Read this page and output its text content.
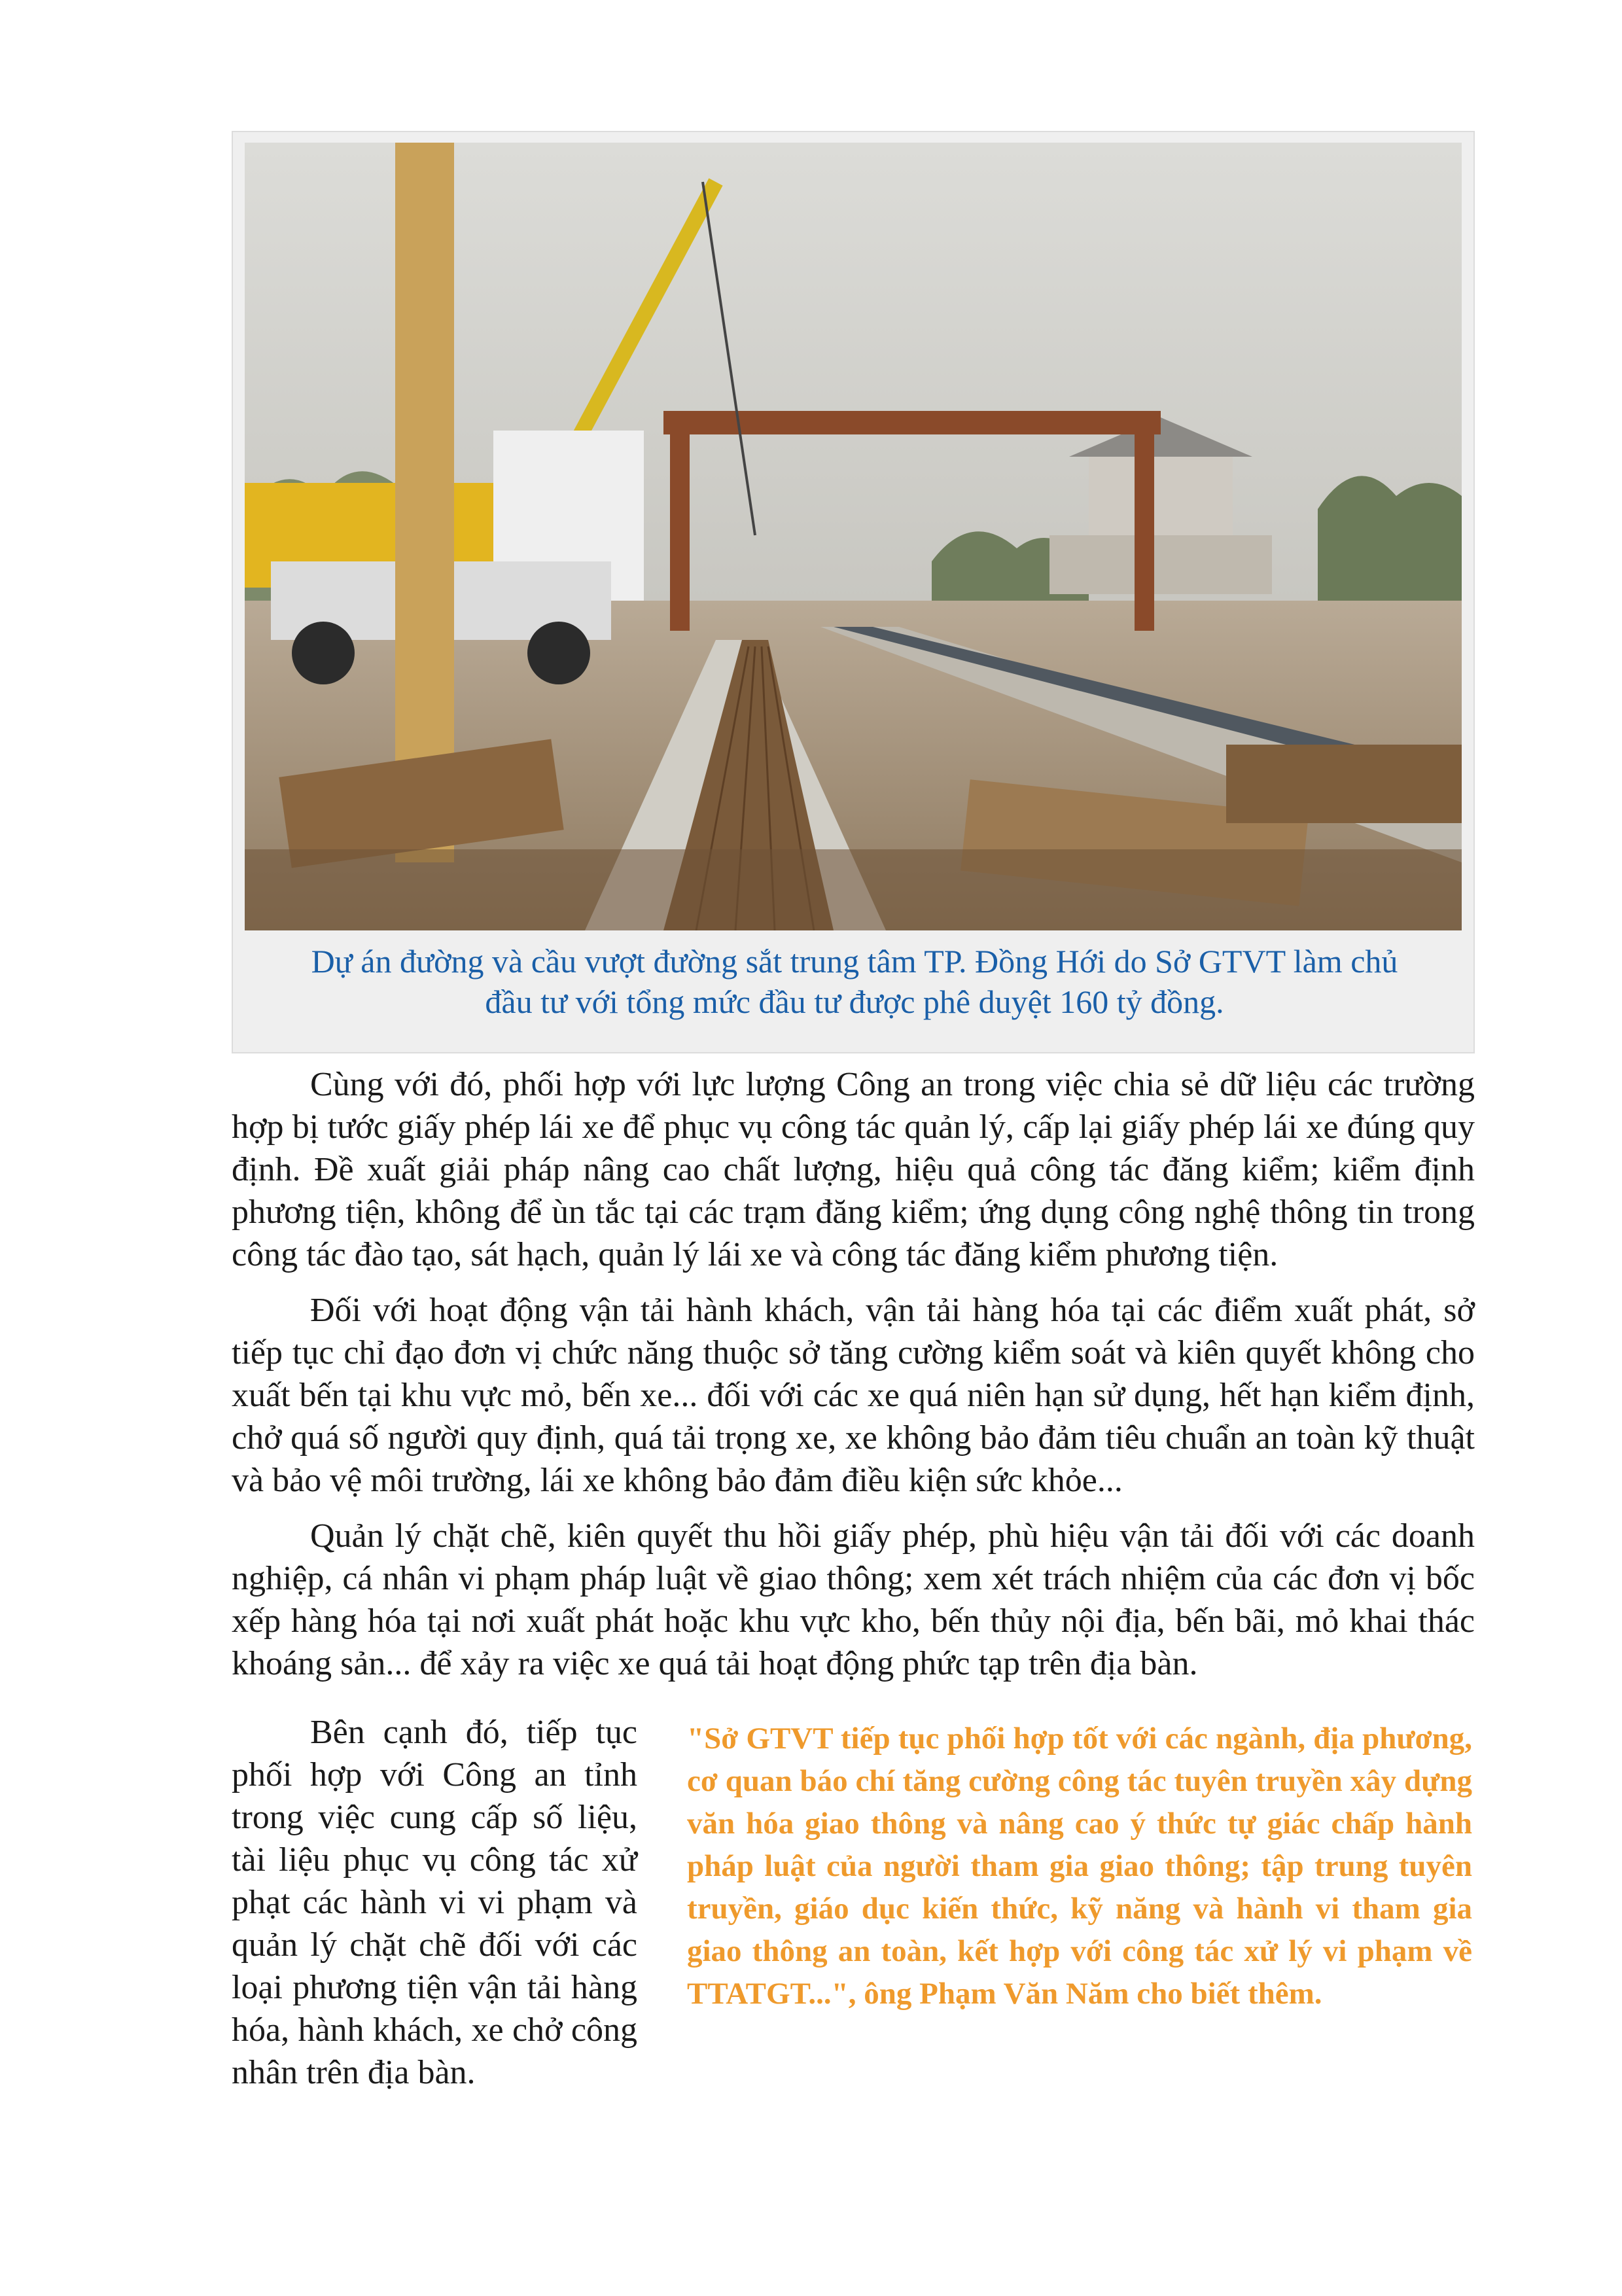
Dự án đường và cầu vượt đường sắt trung tâm TP. Đồng Hới do Sở GTVT làm chủ
đầu tư với tổng mức đầu tư được phê duyệt 160 tỷ đồng.

Cùng với đó, phối hợp với lực lượng Công an trong việc chia sẻ dữ liệu các trường hợp bị tước giấy phép lái xe để phục vụ công tác quản lý, cấp lại giấy phép lái xe đúng quy định. Đề xuất giải pháp nâng cao chất lượng, hiệu quả công tác đăng kiểm; kiểm định phương tiện, không để ùn tắc tại các trạm đăng kiểm; ứng dụng công nghệ thông tin trong công tác đào tạo, sát hạch, quản lý lái xe và công tác đăng kiểm phương tiện.

Đối với hoạt động vận tải hành khách, vận tải hàng hóa tại các điểm xuất phát, sở tiếp tục chỉ đạo đơn vị chức năng thuộc sở tăng cường kiểm soát và kiên quyết không cho xuất bến tại khu vực mỏ, bến xe... đối với các xe quá niên hạn sử dụng, hết hạn kiểm định, chở quá số người quy định, quá tải trọng xe, xe không bảo đảm tiêu chuẩn an toàn kỹ thuật và bảo vệ môi trường, lái xe không bảo đảm điều kiện sức khỏe...

Quản lý chặt chẽ, kiên quyết thu hồi giấy phép, phù hiệu vận tải đối với các doanh nghiệp, cá nhân vi phạm pháp luật về giao thông; xem xét trách nhiệm của các đơn vị bốc xếp hàng hóa tại nơi xuất phát hoặc khu vực kho, bến thủy nội địa, bến bãi, mỏ khai thác khoáng sản... để xảy ra việc xe quá tải hoạt động phức tạp trên địa bàn.

Bên cạnh đó, tiếp tục phối hợp với Công an tỉnh trong việc cung cấp số liệu, tài liệu phục vụ công tác xử phạt các hành vi vi phạm và quản lý chặt chẽ đối với các loại phương tiện vận tải hàng hóa, hành khách, xe chở công nhân trên địa bàn.

"Sở GTVT tiếp tục phối hợp tốt với các ngành, địa phương, cơ quan báo chí tăng cường công tác tuyên truyền xây dựng văn hóa giao thông và nâng cao ý thức tự giác chấp hành pháp luật của người tham gia giao thông; tập trung tuyên truyền, giáo dục kiến thức, kỹ năng và hành vi tham gia giao thông an toàn, kết hợp với công tác xử lý vi phạm về TTATGT...", ông Phạm Văn Năm cho biết thêm.
